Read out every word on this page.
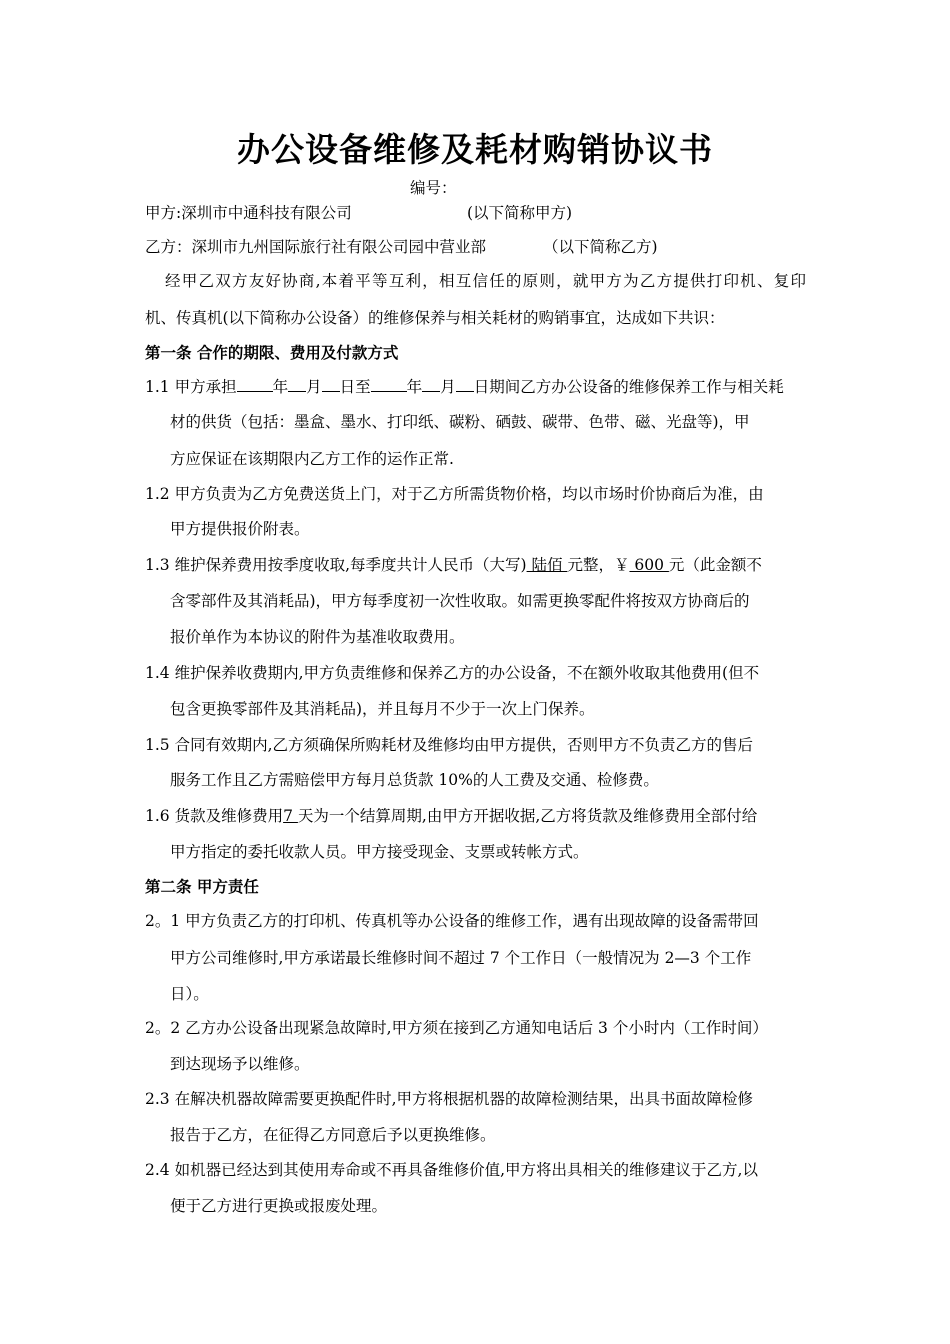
办公设备维修及耗材购销协议书
编号：
甲方:深圳市中通科技有限公司	(以下简称甲方)
乙方：深圳市九州国际旅行社有限公司园中营业部	（以下简称乙方)
经甲乙双方友好协商,本着平等互利，相互信任的原则，就甲方为乙方提供打印机、复印
机、传真机(以下简称办公设备）的维修保养与相关耗材的购销事宜，达成如下共识：
第一条 合作的期限、费用及付款方式
1.1 甲方承担 年 月 日至 年 月 日期间乙方办公设备的维修保养工作与相关耗
材的供货（包括：墨盒、墨水、打印纸、碳粉、硒鼓、碳带、色带、磁、光盘等)，甲
方应保证在该期限内乙方工作的运作正常.
1.2 甲方负责为乙方免费送货上门，对于乙方所需货物价格，均以市场时价协商后为准，由
甲方提供报价附表。
1.3 维护保养费用按季度收取,每季度共计人民币（大写) 陆佰 元整，￥ 600 元（此金额不
含零部件及其消耗品)，甲方每季度初一次性收取。如需更换零配件将按双方协商后的
报价单作为本协议的附件为基准收取费用。
1.4 维护保养收费期内,甲方负责维修和保养乙方的办公设备，不在额外收取其他费用(但不
包含更换零部件及其消耗品)，并且每月不少于一次上门保养。
1.5 合同有效期内,乙方须确保所购耗材及维修均由甲方提供，否则甲方不负责乙方的售后
服务工作且乙方需赔偿甲方每月总货款 10%的人工费及交通、检修费。
1.6 货款及维修费用7 天为一个结算周期,由甲方开据收据,乙方将货款及维修费用全部付给
甲方指定的委托收款人员。甲方接受现金、支票或转帐方式。
第二条 甲方责任
2。1 甲方负责乙方的打印机、传真机等办公设备的维修工作，遇有出现故障的设备需带回
甲方公司维修时,甲方承诺最长维修时间不超过 7 个工作日（一般情况为 2—3 个工作
日）。
2。2 乙方办公设备出现紧急故障时,甲方须在接到乙方通知电话后 3 个小时内（工作时间）
到达现场予以维修。
2.3 在解决机器故障需要更换配件时,甲方将根据机器的故障检测结果，出具书面故障检修
报告于乙方，在征得乙方同意后予以更换维修。
2.4 如机器已经达到其使用寿命或不再具备维修价值,甲方将出具相关的维修建议于乙方,以
便于乙方进行更换或报废处理。
